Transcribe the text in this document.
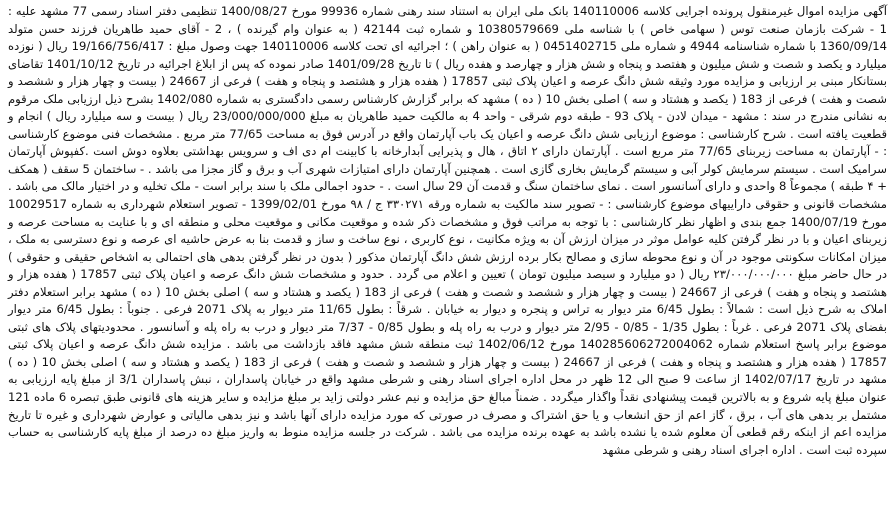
آگهی مزایده اموال غیرمنقول پرونده اجرایی کلاسه 140110006 بانک ملی ایران به استناد سند رهنی شماره 99936 مورخ 1400/08/27 تنظیمی دفتر اسناد رسمی 77 مشهد علیه : 1 - شرکت بازمان صنعت توس ( سهامی خاص ) با شناسه ملی 10380579669 و شماره ثبت 42144 ( به عنوان وام گیرنده ) ، 2 - آقای حمید طاهریان فرزند حسن متولد 1360/09/14 با شماره شناسنامه 4944 و شماره ملی 0451402715 ( به عنوان راهن ) ؛ اجرائیه ای تحت کلاسه 140110006 جهت وصول مبلغ : 19/166/756/417 ریال ( نوزده میلیارد و یکصد و شصت و شش میلیون و هفتصد و پنجاه و شش هزار و چهارصد و هفده ریال ) تا تاریخ 1401/09/28 صادر نموده که پس از ابلاغ اجرائیه در تاریخ 1401/10/12 تقاضای بستانکار مبنی بر ارزیابی و مزایده مورد وثیقه شش دانگ عرصه و اعیان پلاک ثبتی 17857 ( هفده هزار و هشتصد و پنجاه و هفت ) فرعی از 24667 ( بیست و چهار هزار و ششصد و شصت و هفت ) فرعی از 183 ( یکصد و هشتاد و سه ) اصلی بخش 10 ( ده ) مشهد که برابر گزارش کارشناس رسمی دادگستری به شماره 1402/080 بشرح ذیل ارزیابی ملک مرقوم به نشانی مندرج در سند : مشهد - میدان لادن - پلاک 93 - طبقه دوم شرقی - واحد 4 به مالکیت حمید طاهریان به مبلغ 23/000/000/000 ریال ( بیست و سه میلیارد ریال ) انجام و قطعیت یافته است . شرح کارشناسی : موضوع ارزیابی شش دانگ عرصه و اعیان یک باب آپارتمان واقع در آدرس فوق به مساحت 77/65 متر مربع . مشخصات فنی موضوع کارشناسی : - آپارتمان به مساحت زیربنای 77/65 متر مربع است . آپارتمان دارای ۲ اتاق ، هال و پذیرایی آبدارخانه با کابینت ام دی اف و سرویس بهداشتی بعلاوه دوش است .کفپوش آپارتمان سرامیک است . سیستم سرمایش کولر آبی و سیستم گرمایش بخاری گازی است . همچنین آپارتمان دارای امتیازات شهری آب و برق و گاز مجزا می باشد . - ساختمان 5 سقف ( همکف + ۴ طبقه ) مجموعاً 8 واحدی و دارای آسانسور است . نمای ساختمان سنگ و قدمت آن 29 سال است . - حدود اجمالی ملک با سند برابر است - ملک تخلیه و در اختیار مالک می باشد . مشخصات قانونی و حقوقی داراییهای موضوع کارشناسی : - تصویر سند مالکیت به شماره ورقه ۳۳۰۲۷۱ ج / ۹۸ مورخ 1399/02/01 - تصویر استعلام شهرداری به شماره 10029517 مورخ 1400/07/19 جمع بندی و اظهار نظر کارشناسی : با توجه به مراتب فوق و مشخصات ذکر شده و موقعیت مکانی و موقعیت محلی و منطقه ای و با عنایت به مساحت عرصه و زیربنای اعیان و با در نظر گرفتن کلیه عوامل موثر در میزان ارزش آن به ویژه مکانیت ، نوع کاربری ، نوع ساخت و ساز و قدمت بنا به عرض حاشیه ای عرصه و نوع دسترسی به ملک ، میزان امکانات سکونتی موجود در آن و نوع محوطه سازی و مصالح بکار برده ارزش شش دانگ آپارتمان مذکور ( بدون در نظر گرفتن بدهی های احتمالی به اشخاص حقیقی و حقوقی ) در حال حاضر مبلغ ۲۳/۰۰۰/۰۰۰/۰۰۰ ریال ( دو میلیارد و سیصد میلیون تومان ) تعیین و اعلام می گردد . حدود و مشخصات شش دانگ عرصه و اعیان پلاک ثبتی 17857 ( هفده هزار و هشتصد و پنجاه و هفت ) فرعی از 24667 ( بیست و چهار هزار و ششصد و شصت و هفت ) فرعی از 183 ( یکصد و هشتاد و سه ) اصلی بخش 10 ( ده ) مشهد برابر استعلام دفتر املاک به شرح ذیل است : شمالاً : بطول 6/45 متر دیوار به تراس و پنجره و دیوار به خیابان . شرقاً : بطول 11/65 متر دیوار به پلاک 2071 فرعی . جنوباً : بطول 6/45 متر دیوار بفضای پلاک 2071 فرعی . غرباً : بطول 1/35 - 0/85 - 2/95 متر دیوار و درب به راه پله و بطول 0/85 - 7/37 متر دیوار و درب به راه پله و آسانسور . محدودیتهای پلاک های ثبتی موضوع برابر پاسخ استعلام شماره 140285606272004062 مورخ 1402/06/12 ثبت منطقه شش مشهد فاقد بازداشت می باشد . مزایده شش دانگ عرصه و اعیان پلاک ثبتی 17857 ( هفده هزار و هشتصد و پنجاه و هفت ) فرعی از 24667 ( بیست و چهار هزار و ششصد و شصت و هفت ) فرعی از 183 ( یکصد و هشتاد و سه ) اصلی بخش 10 ( ده ) مشهد در تاریخ 1402/07/17 از ساعت 9 صبح الی 12 ظهر در محل اداره اجرای اسناد رهنی و شرطی مشهد واقع در خیابان پاسداران ، نبش پاسداران 3/1 از مبلغ پایه ارزیابی به عنوان مبلغ پایه شروع و به بالاترین قیمت پیشنهادی نقداً واگذار میگردد . ضمناً مبالغ حق مزایده و نیم عشر دولتی زاید بر مبلغ مزایده و سایر هزینه های قانونی طبق تبصره 6 ماده 121 مشتمل بر بدهی های آب ، برق ، گاز اعم از حق انشعاب و یا حق اشتراک و مصرف در صورتی که مورد مزایده دارای آنها باشد و نیز بدهی مالیاتی و عوارض شهرداری و غیره تا تاریخ مزایده اعم از اینکه رقم قطعی آن معلوم شده یا نشده باشد به عهده برنده مزایده می باشد . شرکت در جلسه مزایده منوط به واریز مبلغ ده درصد از مبلغ پایه کارشناسی به حساب سپرده ثبت است . اداره اجرای اسناد رهنی و شرطی مشهد
